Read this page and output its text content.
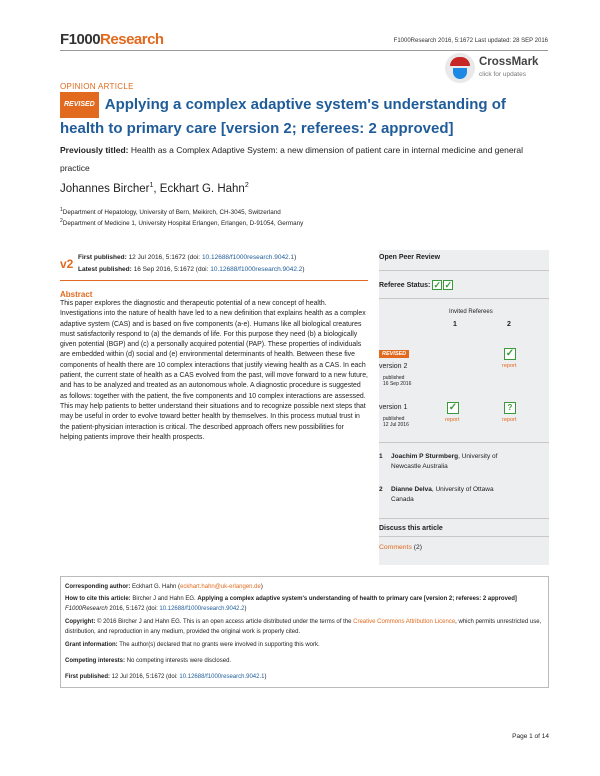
F1000Research	F1000Research 2016, 5:1672 Last updated: 28 SEP 2016
CrossMark
click for updates
OPINION ARTICLE
REVISED Applying a complex adaptive system's understanding of health to primary care [version 2; referees: 2 approved]
Previously titled: Health as a Complex Adaptive System: a new dimension of patient care in internal medicine and general practice
Johannes Bircher$^1$, Eckhart G. Hahn$^2$
$^1$Department of Hepatology, University of Bern, Meikirch, CH-3045, Switzerland
$^2$Department of Medicine 1, University Hospital Erlangen, Erlangen, D-91054, Germany
v2 First published: 12 Jul 2016, 5:1672 (doi: 10.12688/f1000research.9042.1)
Latest published: 16 Sep 2016, 5:1672 (doi: 10.12688/f1000research.9042.2)
Abstract
This paper explores the diagnostic and therapeutic potential of a new concept of health. Investigations into the nature of health have led to a new definition that explains health as a complex adaptive system (CAS) and is based on five components (a-e). Humans like all biological creatures must satisfactorily respond to (a) the demands of life. For this purpose they need (b) a biologically given potential (BGP) and (c) a personally acquired potential (PAP). These properties of individuals are embedded within (d) social and (e) environmental determinants of health. Between these five components of health there are 10 complex interactions that justify viewing health as a CAS. In each patient, the current state of health as a CAS evolved from the past, will move forward to a new future, and has to be analyzed and treated as an autonomous whole. A diagnostic procedure is suggested as follows: together with the patient, the five components and 10 complex interactions are assessed. This may help patients to better understand their situations and to recognize possible next steps that may be useful in order to evolve toward better health by themselves. In this process mutual trust in the patient-physician interaction is critical. The described approach offers new possibilities for helping patients improve their health prospects.
Open Peer Review
Referee Status: ✓ ✓
Invited Referees
1	2
REVISED
version 2
published
16 Sep 2016
✓
report
version 1
published
12 Jul 2016
✓
report
?
report
1 Joachim P Sturmberg, University of
Newcastle Australia
2 Dianne Delva, University of Ottawa
Canada
Discuss this article
Comments (2)
Corresponding author: Eckhart G. Hahn (eckhart.hahn@uk-erlangen.de)
How to cite this article: Bircher J and Hahn EG. Applying a complex adaptive system's understanding of health to primary care [version 2; referees: 2 approved] F1000Research 2016, 5:1672 (doi: 10.12688/f1000research.9042.2)
Copyright: © 2016 Bircher J and Hahn EG. This is an open access article distributed under the terms of the Creative Commons Attribution Licence, which permits unrestricted use, distribution, and reproduction in any medium, provided the original work is properly cited.
Grant information: The author(s) declared that no grants were involved in supporting this work.
Competing interests: No competing interests were disclosed.
First published: 12 Jul 2016, 5:1672 (doi: 10.12688/f1000research.9042.1)
Page 1 of 14
